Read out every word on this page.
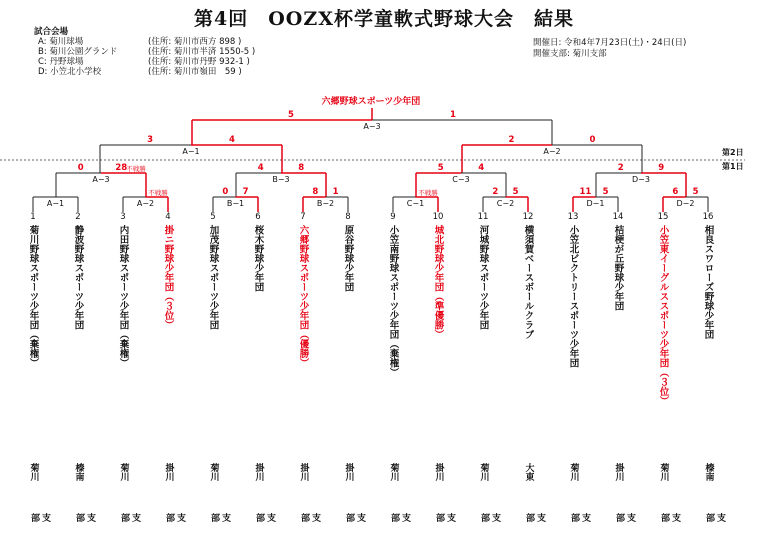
第4回　OOZX杯学童軟式野球大会　結果
試合会場
A: 菊川球場	(住所: 菊川市西方 898 )
B: 菊川公園グランド	(住所: 菊川市半済 1550-5 )
C: 丹野球場	(住所: 菊川市丹野 932-1 )
D: 小笠北小学校	(住所: 菊川市嶺田　59 )
開催日: 令和4年7月23日(土)・24日(日)
開催支部: 菊川支部
第2日
第1日
六郷野球スポーツ少年団
A−3
5	1
A−1
3	4
A−2
2	0
A−3
0	28
B−3
4	8
C−3
5	4
D−3
2	9
A−1	A−2	B−1
0 7
B−2
8 1
C−1	C−2
2 5
D−1
11 5
D−2
6 5
不戦勝
不戦勝	不戦勝
1
菊川野球スポーツ少年団（棄権）
2
静波野球スポーツ少年団
3
内田野球スポーツ少年団（棄権）
4
掛ニ野球少年団（３位）
5
加茂野球スポーツ少年団
6
桜木野球少年団
7
六郷野球スポーツ少年団（優勝）
8
原谷野球少年団
9
小笠南野球スポーツ少年団（棄権）
10
城北野球少年団（準優勝）
11
河城野球スポーツ少年団
12
横須賀ベースボールクラブ
13
小笠北ビクトリースポーツ少年団
14
桔梗が丘野球少年団
15
小笠東イーグルススポーツ少年団（３位）
16
相良スワローズ野球少年団
菊川
支部
榛南
支部
菊川
支部
掛川
支部
菊川
支部
掛川
支部
掛川
支部
掛川
支部
菊川
支部
掛川
支部
菊川
支部
大東
支部
菊川
支部
掛川
支部
菊川
支部
榛南
支部
